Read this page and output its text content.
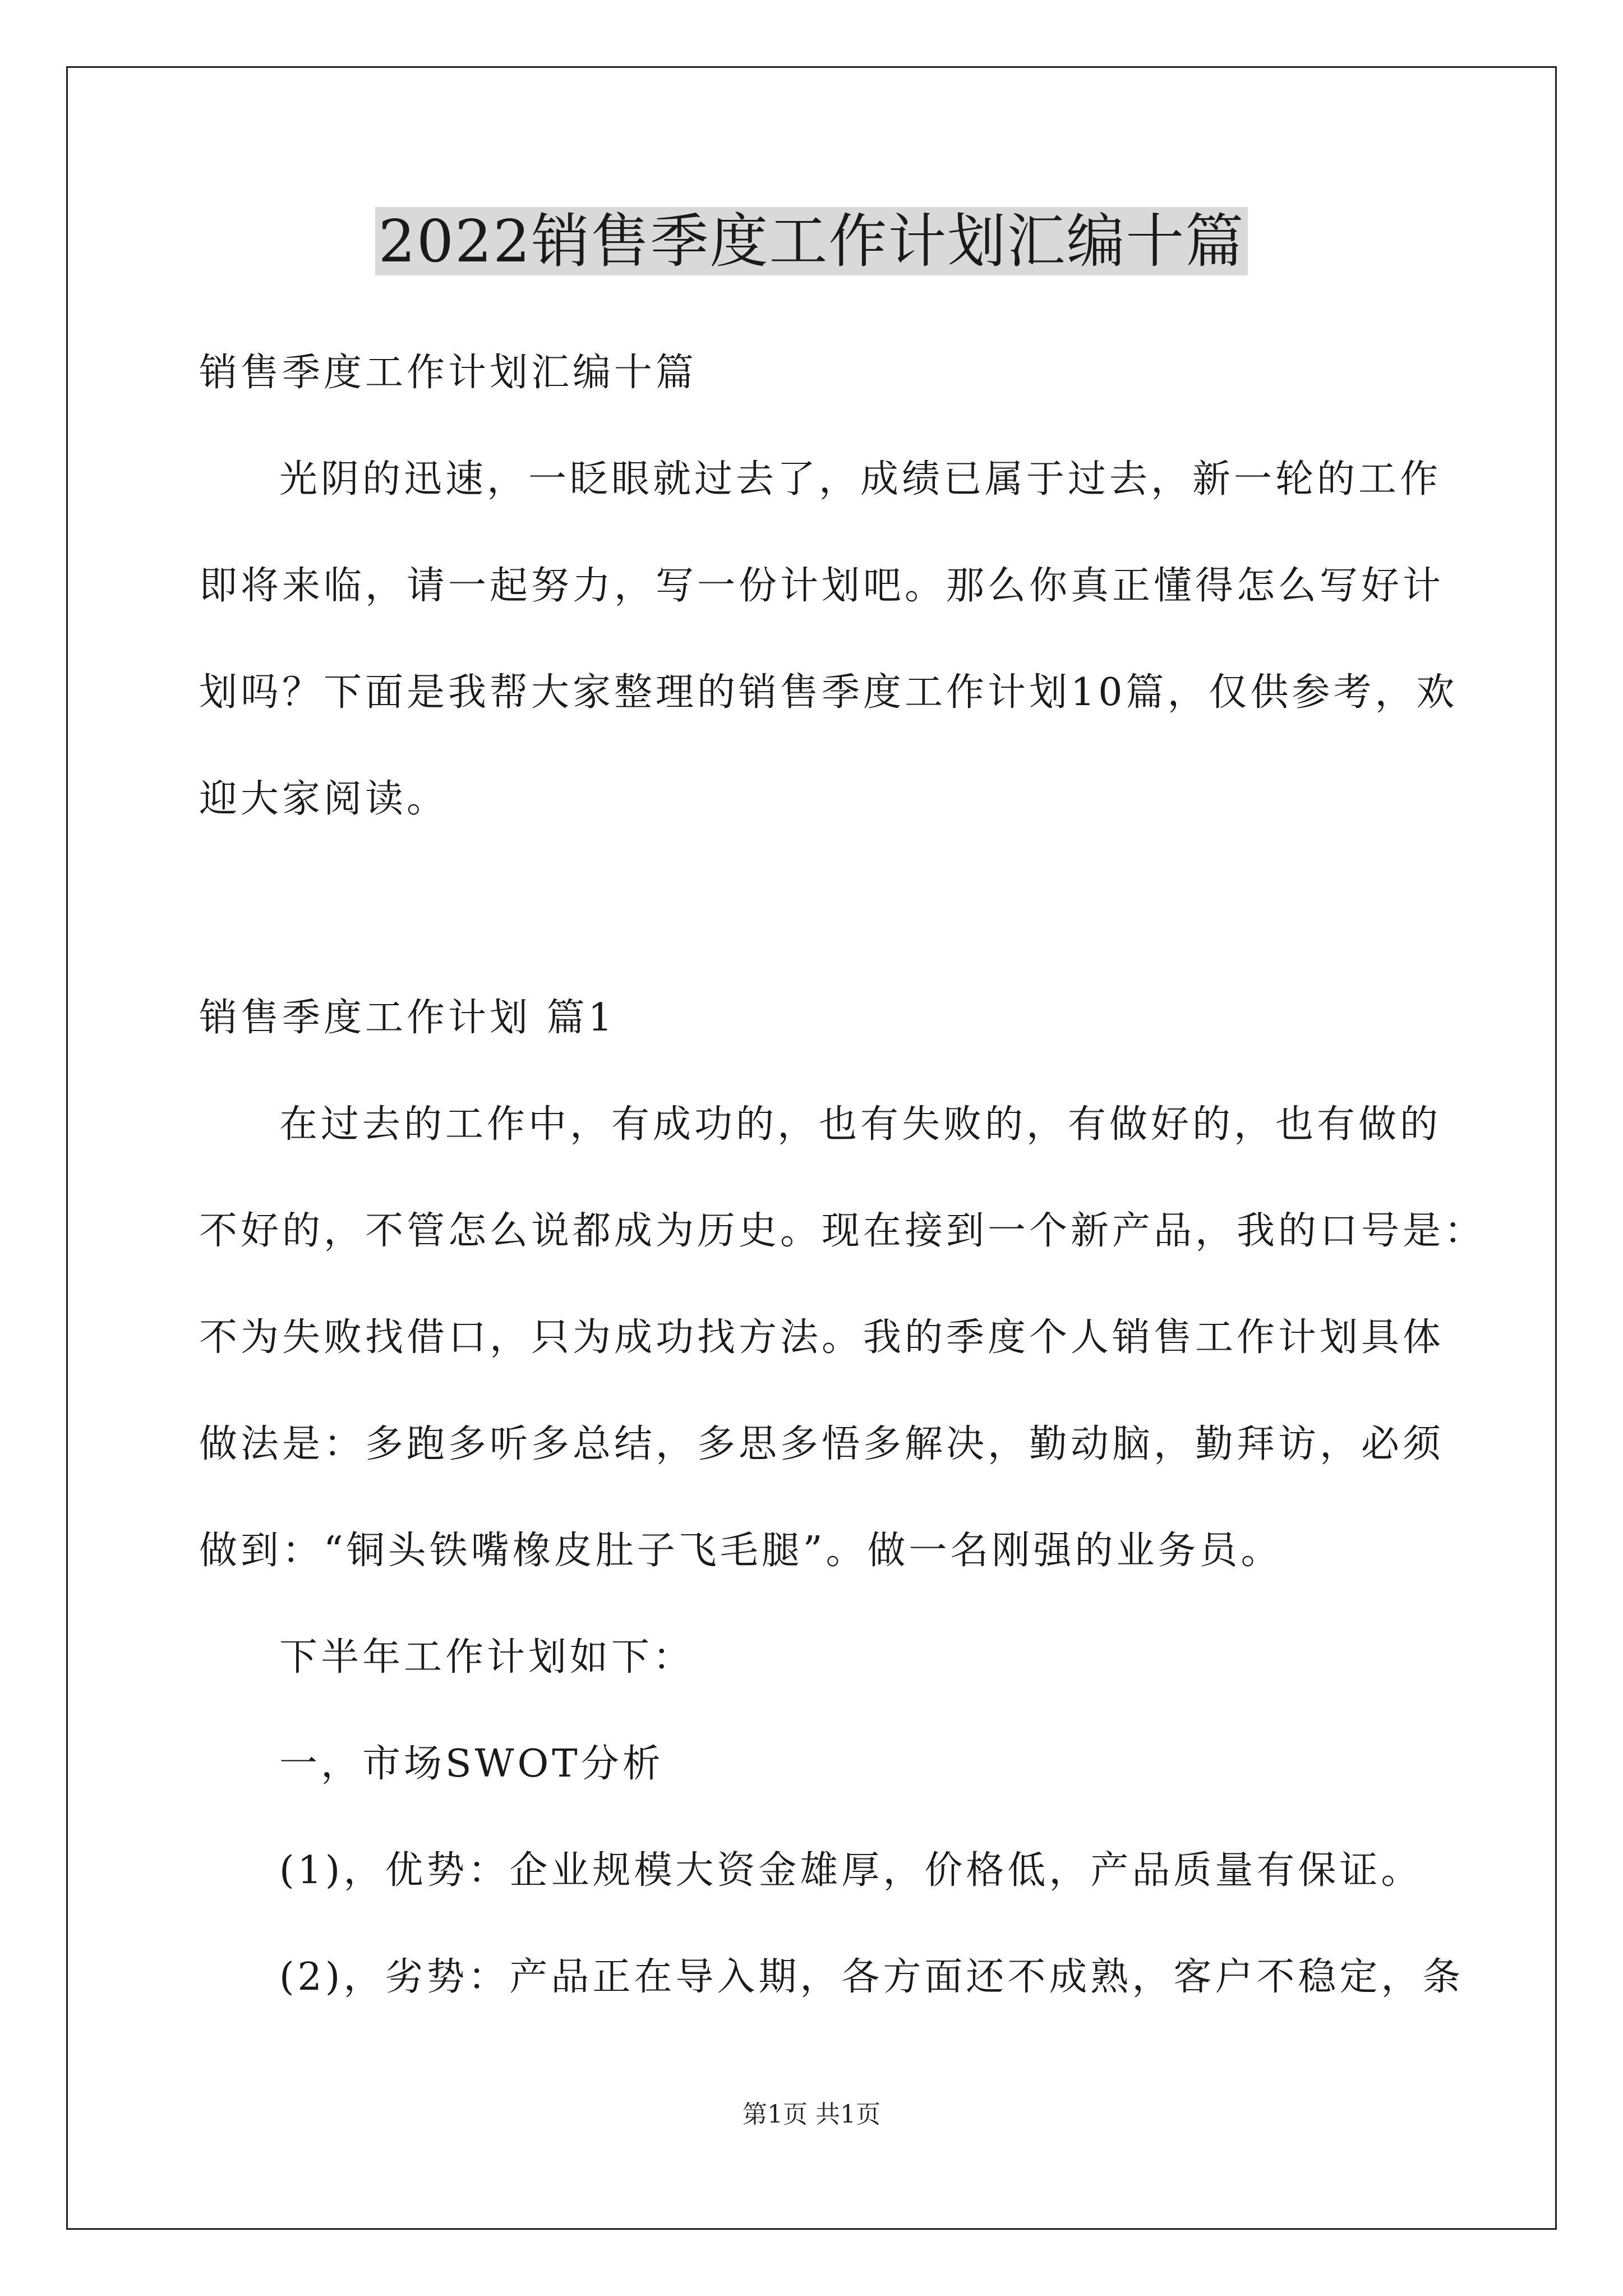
2022销售季度工作计划汇编十篇

销售季度工作计划汇编十篇

光阴的迅速，一眨眼就过去了，成绩已属于过去，新一轮的工作

即将来临，请一起努力，写一份计划吧。那么你真正懂得怎么写好计

划吗？下面是我帮大家整理的销售季度工作计划10篇，仅供参考，欢

迎大家阅读。

销售季度工作计划 篇1

在过去的工作中，有成功的，也有失败的，有做好的，也有做的

不好的，不管怎么说都成为历史。现在接到一个新产品，我的口号是：

不为失败找借口，只为成功找方法。我的季度个人销售工作计划具体

做法是：多跑多听多总结，多思多悟多解决，勤动脑，勤拜访，必须

做到：“铜头铁嘴橡皮肚子飞毛腿”。做一名刚强的业务员。

下半年工作计划如下：

一，市场SWOT分析

(1)，优势：企业规模大资金雄厚，价格低，产品质量有保证。

(2)，劣势：产品正在导入期，各方面还不成熟，客户不稳定，条

第1页 共1页
